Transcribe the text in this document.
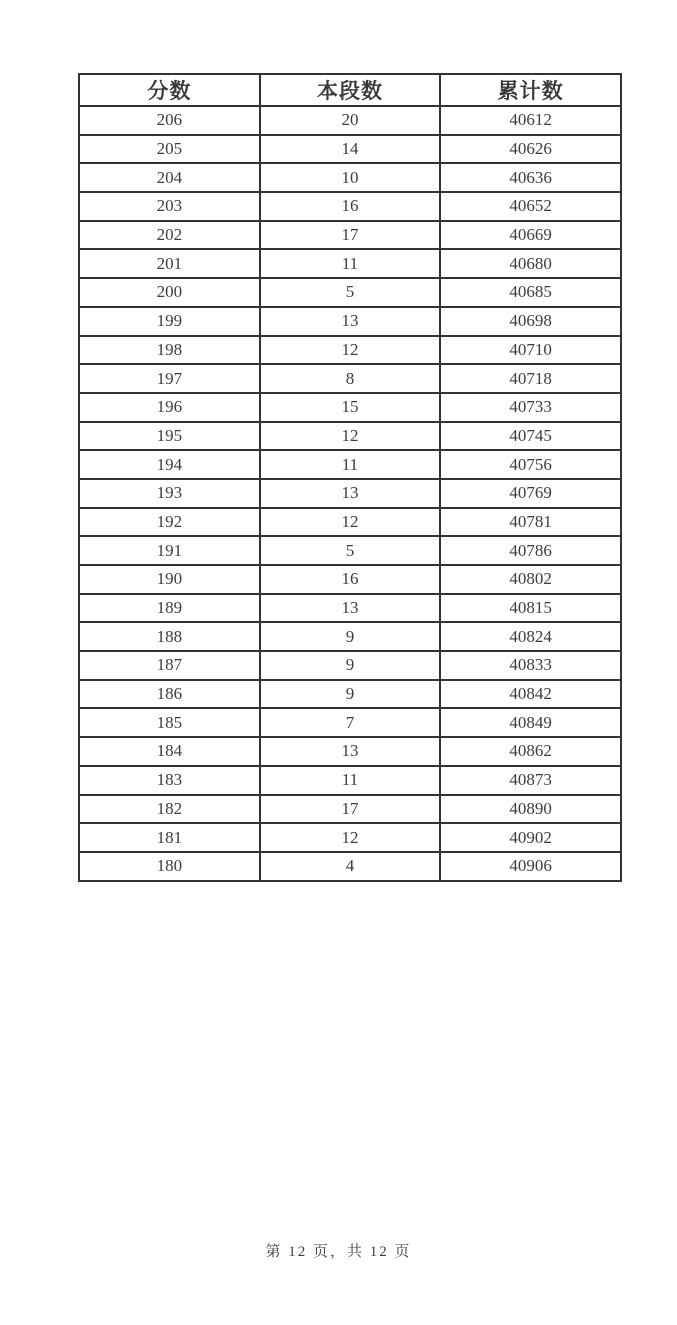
分数	本段数	累计数
206	20	40612
205	14	40626
204	10	40636
203	16	40652
202	17	40669
201	11	40680
200	5	40685
199	13	40698
198	12	40710
197	8	40718
196	15	40733
195	12	40745
194	11	40756
193	13	40769
192	12	40781
191	5	40786
190	16	40802
189	13	40815
188	9	40824
187	9	40833
186	9	40842
185	7	40849
184	13	40862
183	11	40873
182	17	40890
181	12	40902
180	4	40906
第 12 页，共 12 页
